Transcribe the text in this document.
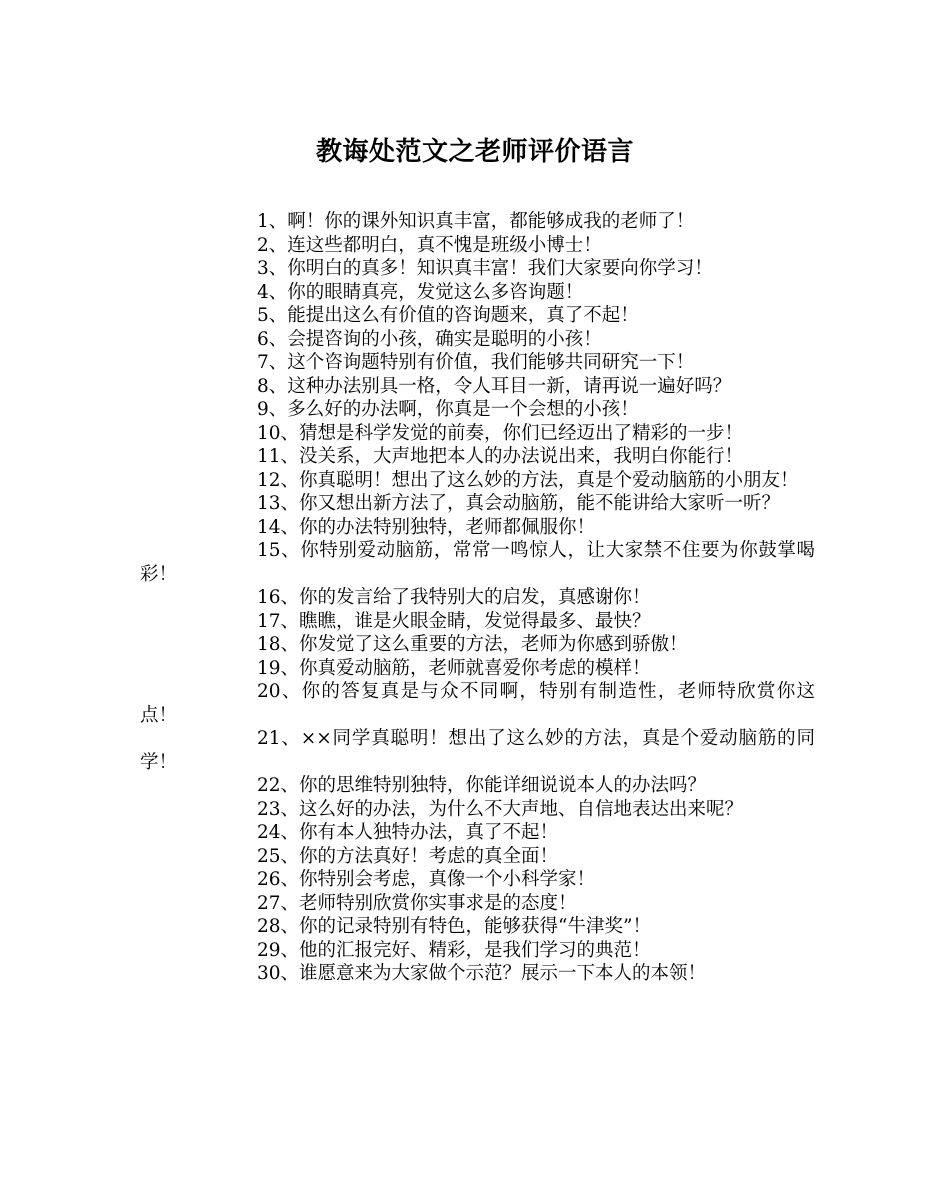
教诲处范文之老师评价语言

1、啊！你的课外知识真丰富，都能够成我的老师了！

2、连这些都明白，真不愧是班级小博士！

3、你明白的真多！知识真丰富！我们大家要向你学习！

4、你的眼睛真亮，发觉这么多咨询题！

5、能提出这么有价值的咨询题来，真了不起！

6、会提咨询的小孩，确实是聪明的小孩！

7、这个咨询题特别有价值，我们能够共同研究一下！

8、这种办法别具一格，令人耳目一新，请再说一遍好吗？

9、多么好的办法啊，你真是一个会想的小孩！

10、猜想是科学发觉的前奏，你们已经迈出了精彩的一步！

11、没关系，大声地把本人的办法说出来，我明白你能行！

12、你真聪明！想出了这么妙的方法，真是个爱动脑筋的小朋友！

13、你又想出新方法了，真会动脑筋，能不能讲给大家听一听？

14、你的办法特别独特，老师都佩服你！

15、你特别爱动脑筋，常常一鸣惊人，让大家禁不住要为你鼓掌喝彩！

16、你的发言给了我特别大的启发，真感谢你！

17、瞧瞧，谁是火眼金睛，发觉得最多、最快？

18、你发觉了这么重要的方法，老师为你感到骄傲！

19、你真爱动脑筋，老师就喜爱你考虑的模样！

20、你的答复真是与众不同啊，特别有制造性，老师特欣赏你这点！

21、××同学真聪明！想出了这么妙的方法，真是个爱动脑筋的同学！

22、你的思维特别独特，你能详细说说本人的办法吗？

23、这么好的办法，为什么不大声地、自信地表达出来呢？

24、你有本人独特办法，真了不起！

25、你的方法真好！考虑的真全面！

26、你特别会考虑，真像一个小科学家！

27、老师特别欣赏你实事求是的态度！

28、你的记录特别有特色，能够获得“牛津奖”！

29、他的汇报完好、精彩，是我们学习的典范！

30、谁愿意来为大家做个示范？展示一下本人的本领！
